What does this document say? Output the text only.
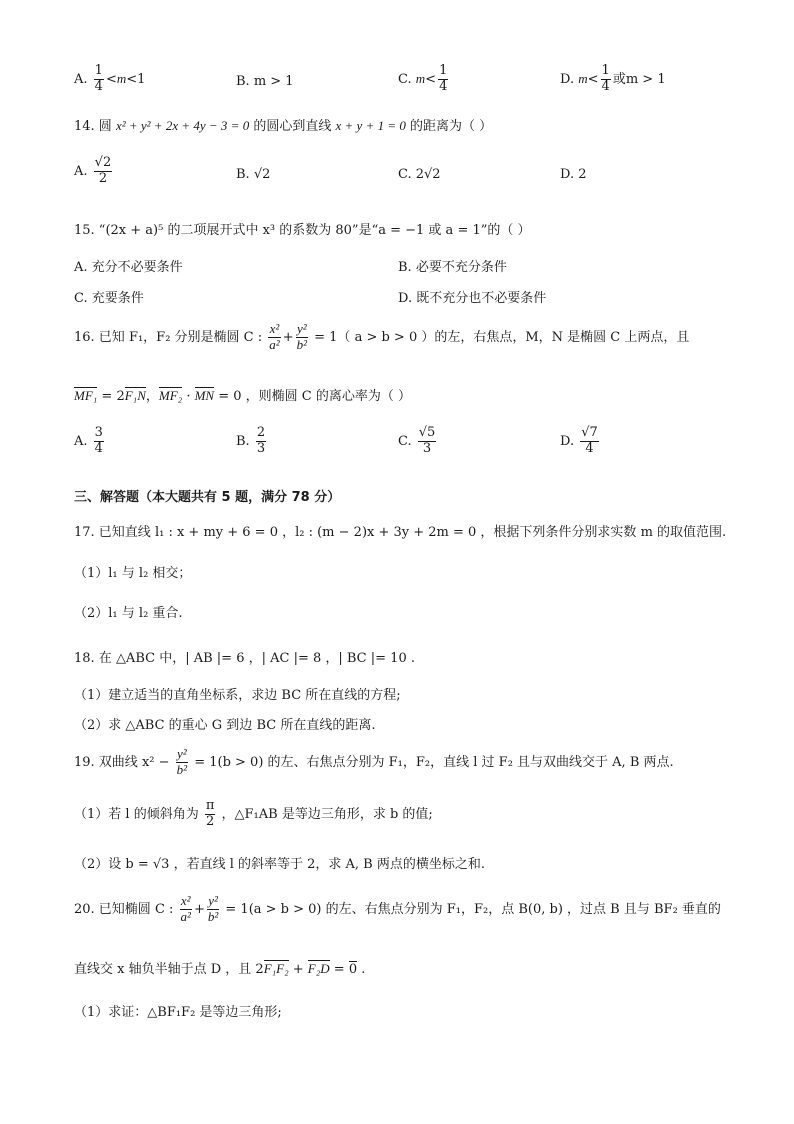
A. $\frac{1}{4} <m<1$	B. m > 1	C. $m< \frac{1}{4}$	D. $m< \frac{1}{4}$ 或m > 1
14. 圆 x² + y² + 2x + 4y − 3 = 0 的圆心到直线 x + y + 1 = 0 的距离为（ ）
A. $\frac{√2}{2}$	B. √2	C. 2√2	D. 2
15. “(2x + a)⁵ 的二项展开式中 x³ 的系数为 80”是“a = −1 或 a = 1”的（ ）
A. 充分不必要条件	B. 必要不充分条件
C. 充要条件	D. 既不充分也不必要条件
16. 已知 F₁，F₂ 分别是椭圆 C : $\frac{\text{x²}}{\text{a²}} + \frac{\text{y²}}{\text{b²}} = 1$（ a > b > 0 ）的左，右焦点，M，N 是椭圆 C 上两点，且
MF₁ = 2F₁N，MF₂ · MN = 0 ，则椭圆 C 的离心率为（ ）
A. $\frac{3}{4}$	B. $\frac{2}{3}$	C. $\frac{√5}{3}$	D. $\frac{√7}{4}$
三、解答题（本大题共有 5 题，满分 78 分）
17. 已知直线 l₁ : x + my + 6 = 0 ，l₂ : (m − 2)x + 3y + 2m = 0 ，根据下列条件分别求实数 m 的取值范围.
（1）l₁ 与 l₂ 相交；
（2）l₁ 与 l₂ 重合.
18. 在 △ABC 中，| AB |= 6 ，| AC |= 8 ，| BC |= 10 .
（1）建立适当的直角坐标系，求边 BC 所在直线的方程;
（2）求 △ABC 的重心 G 到边 BC 所在直线的距离.
19. 双曲线 $x^2 - \frac{\text{y²}}{\text{b²}} = 1(b > 0)$ 的左、右焦点分别为 F₁，F₂，直线 l 过 F₂ 且与双曲线交于 A, B 两点.
（1）若 l 的倾斜角为 $\frac{\pi}{2}$ ，△F₁AB 是等边三角形，求 b 的值;
（2）设 b = √3 ，若直线 l 的斜率等于 2，求 A, B 两点的横坐标之和.
20. 已知椭圆 C : $\frac{\text{x²}}{\text{a²}} + \frac{\text{y²}}{\text{b²}} = 1(a > b > 0)$ 的左、右焦点分别为 F₁，F₂，点 B(0, b) ，过点 B 且与 BF₂ 垂直的
直线交 x 轴负半轴于点 D ，且 2F₁F₂ + F₂D = 0 .
（1）求证：△BF₁F₂ 是等边三角形;
